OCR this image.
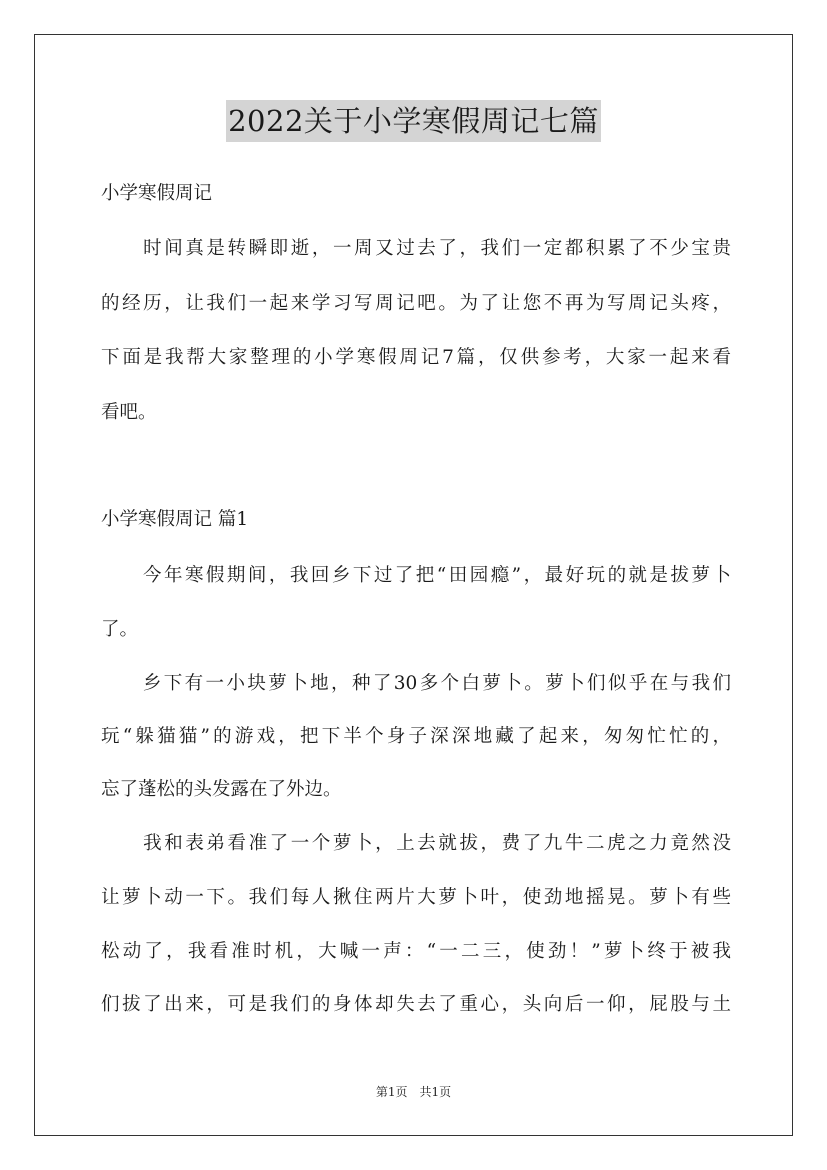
2022关于小学寒假周记七篇
小学寒假周记
　　时间真是转瞬即逝，一周又过去了，我们一定都积累了不少宝贵
的经历，让我们一起来学习写周记吧。为了让您不再为写周记头疼，
下面是我帮大家整理的小学寒假周记7篇，仅供参考，大家一起来看
看吧。
小学寒假周记 篇1
　　今年寒假期间，我回乡下过了把“田园瘾”，最好玩的就是拔萝卜
了。
　　乡下有一小块萝卜地，种了30多个白萝卜。萝卜们似乎在与我们
玩“躲猫猫”的游戏，把下半个身子深深地藏了起来，匆匆忙忙的，
忘了蓬松的头发露在了外边。
　　我和表弟看准了一个萝卜，上去就拔，费了九牛二虎之力竟然没
让萝卜动一下。我们每人揪住两片大萝卜叶，使劲地摇晃。萝卜有些
松动了，我看准时机，大喊一声：“一二三，使劲！”萝卜终于被我
们拔了出来，可是我们的身体却失去了重心，头向后一仰，屁股与土
第1页　共1页
